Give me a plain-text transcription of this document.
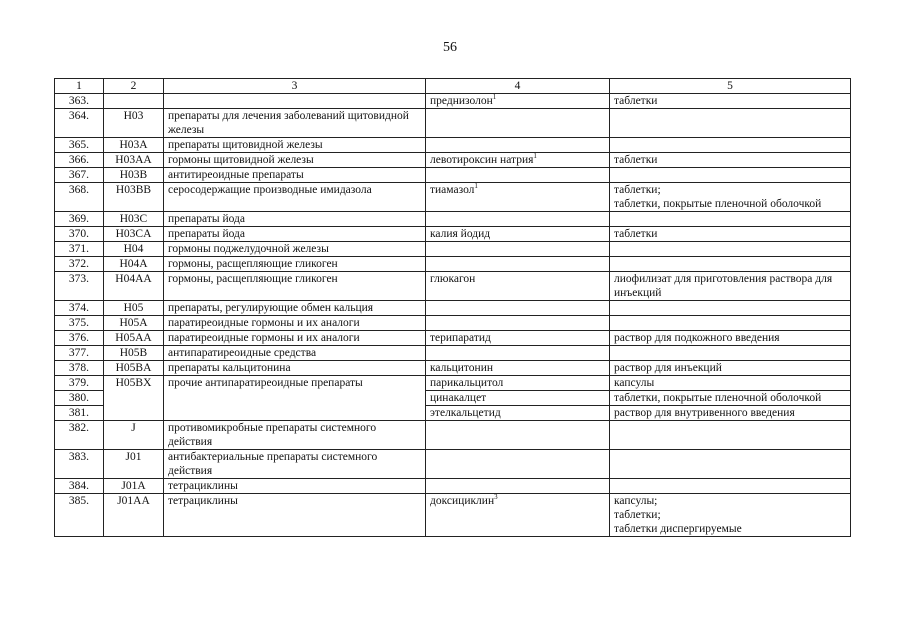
56
1	2	3	4	5
363.			преднизолон$^1$	таблетки

364.	H03	препараты для лечения заболеваний щитовидной железы		
365.	H03A	препараты щитовидной железы		
366.	H03AA	гормоны щитовидной железы	левотироксин натрия$^1$	таблетки

367.	H03B	антитиреоидные препараты		
368.	H03BB	серосодержащие производные имидазола	тиамазол$^1$	таблетки;
таблетки, покрытые пленочной оболочкой

369.	H03C	препараты йода		
370.	H03CA	препараты йода	калия йодид	таблетки

371.	H04	гормоны поджелудочной железы		
372.	H04A	гормоны, расщепляющие гликоген		
373.	H04AA	гормоны, расщепляющие гликоген	глюкагон	лиофилизат для приготовления раствора для инъекций

374.	H05	препараты, регулирующие обмен кальция		
375.	H05A	паратиреоидные гормоны и их аналоги		
376.	H05AA	паратиреоидные гормоны и их аналоги	терипаратид	раствор для подкожного введения

377.	H05B	антипаратиреоидные средства		
378.	H05BA	препараты кальцитонина	кальцитонин	раствор для инъекций

379.	H05BX	прочие антипаратиреоидные препараты	парикальцитол	капсулы

380.			цинакалцет	таблетки, покрытые пленочной оболочкой

381.			этелкальцетид	раствор для внутривенного введения

382.	J	противомикробные препараты системного действия		
383.	J01	антибактериальные препараты системного действия		
384.	J01A	тетрациклины		
385.	J01AA	тетрациклины	доксициклин$^3$	капсулы;
таблетки;
таблетки диспергируемые
